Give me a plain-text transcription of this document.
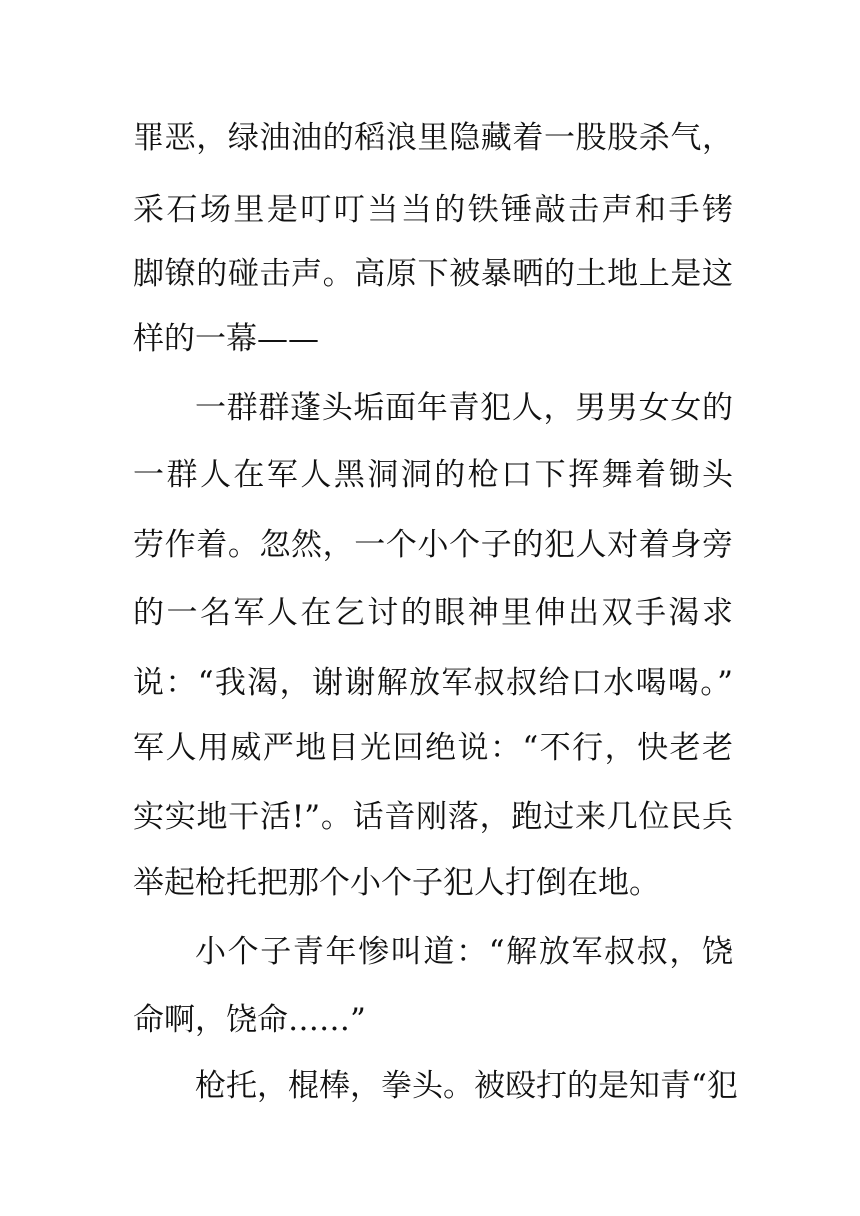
罪恶，绿油油的稻浪里隐藏着一股股杀气，
采石场里是叮叮当当的铁锤敲击声和手铐
脚镣的碰击声。高原下被暴晒的土地上是这
样的一幕——
一群群蓬头垢面年青犯人，男男女女的
一群人在军人黑洞洞的枪口下挥舞着锄头
劳作着。忽然，一个小个子的犯人对着身旁
的一名军人在乞讨的眼神里伸出双手渴求
说：“我渴，谢谢解放军叔叔给口水喝喝。”
军人用威严地目光回绝说：“不行，快老老
实实地干活!”。话音刚落，跑过来几位民兵
举起枪托把那个小个子犯人打倒在地。
小个子青年惨叫道：“解放军叔叔，饶
命啊，饶命……”
枪托，棍棒，拳头。被殴打的是知青“犯
